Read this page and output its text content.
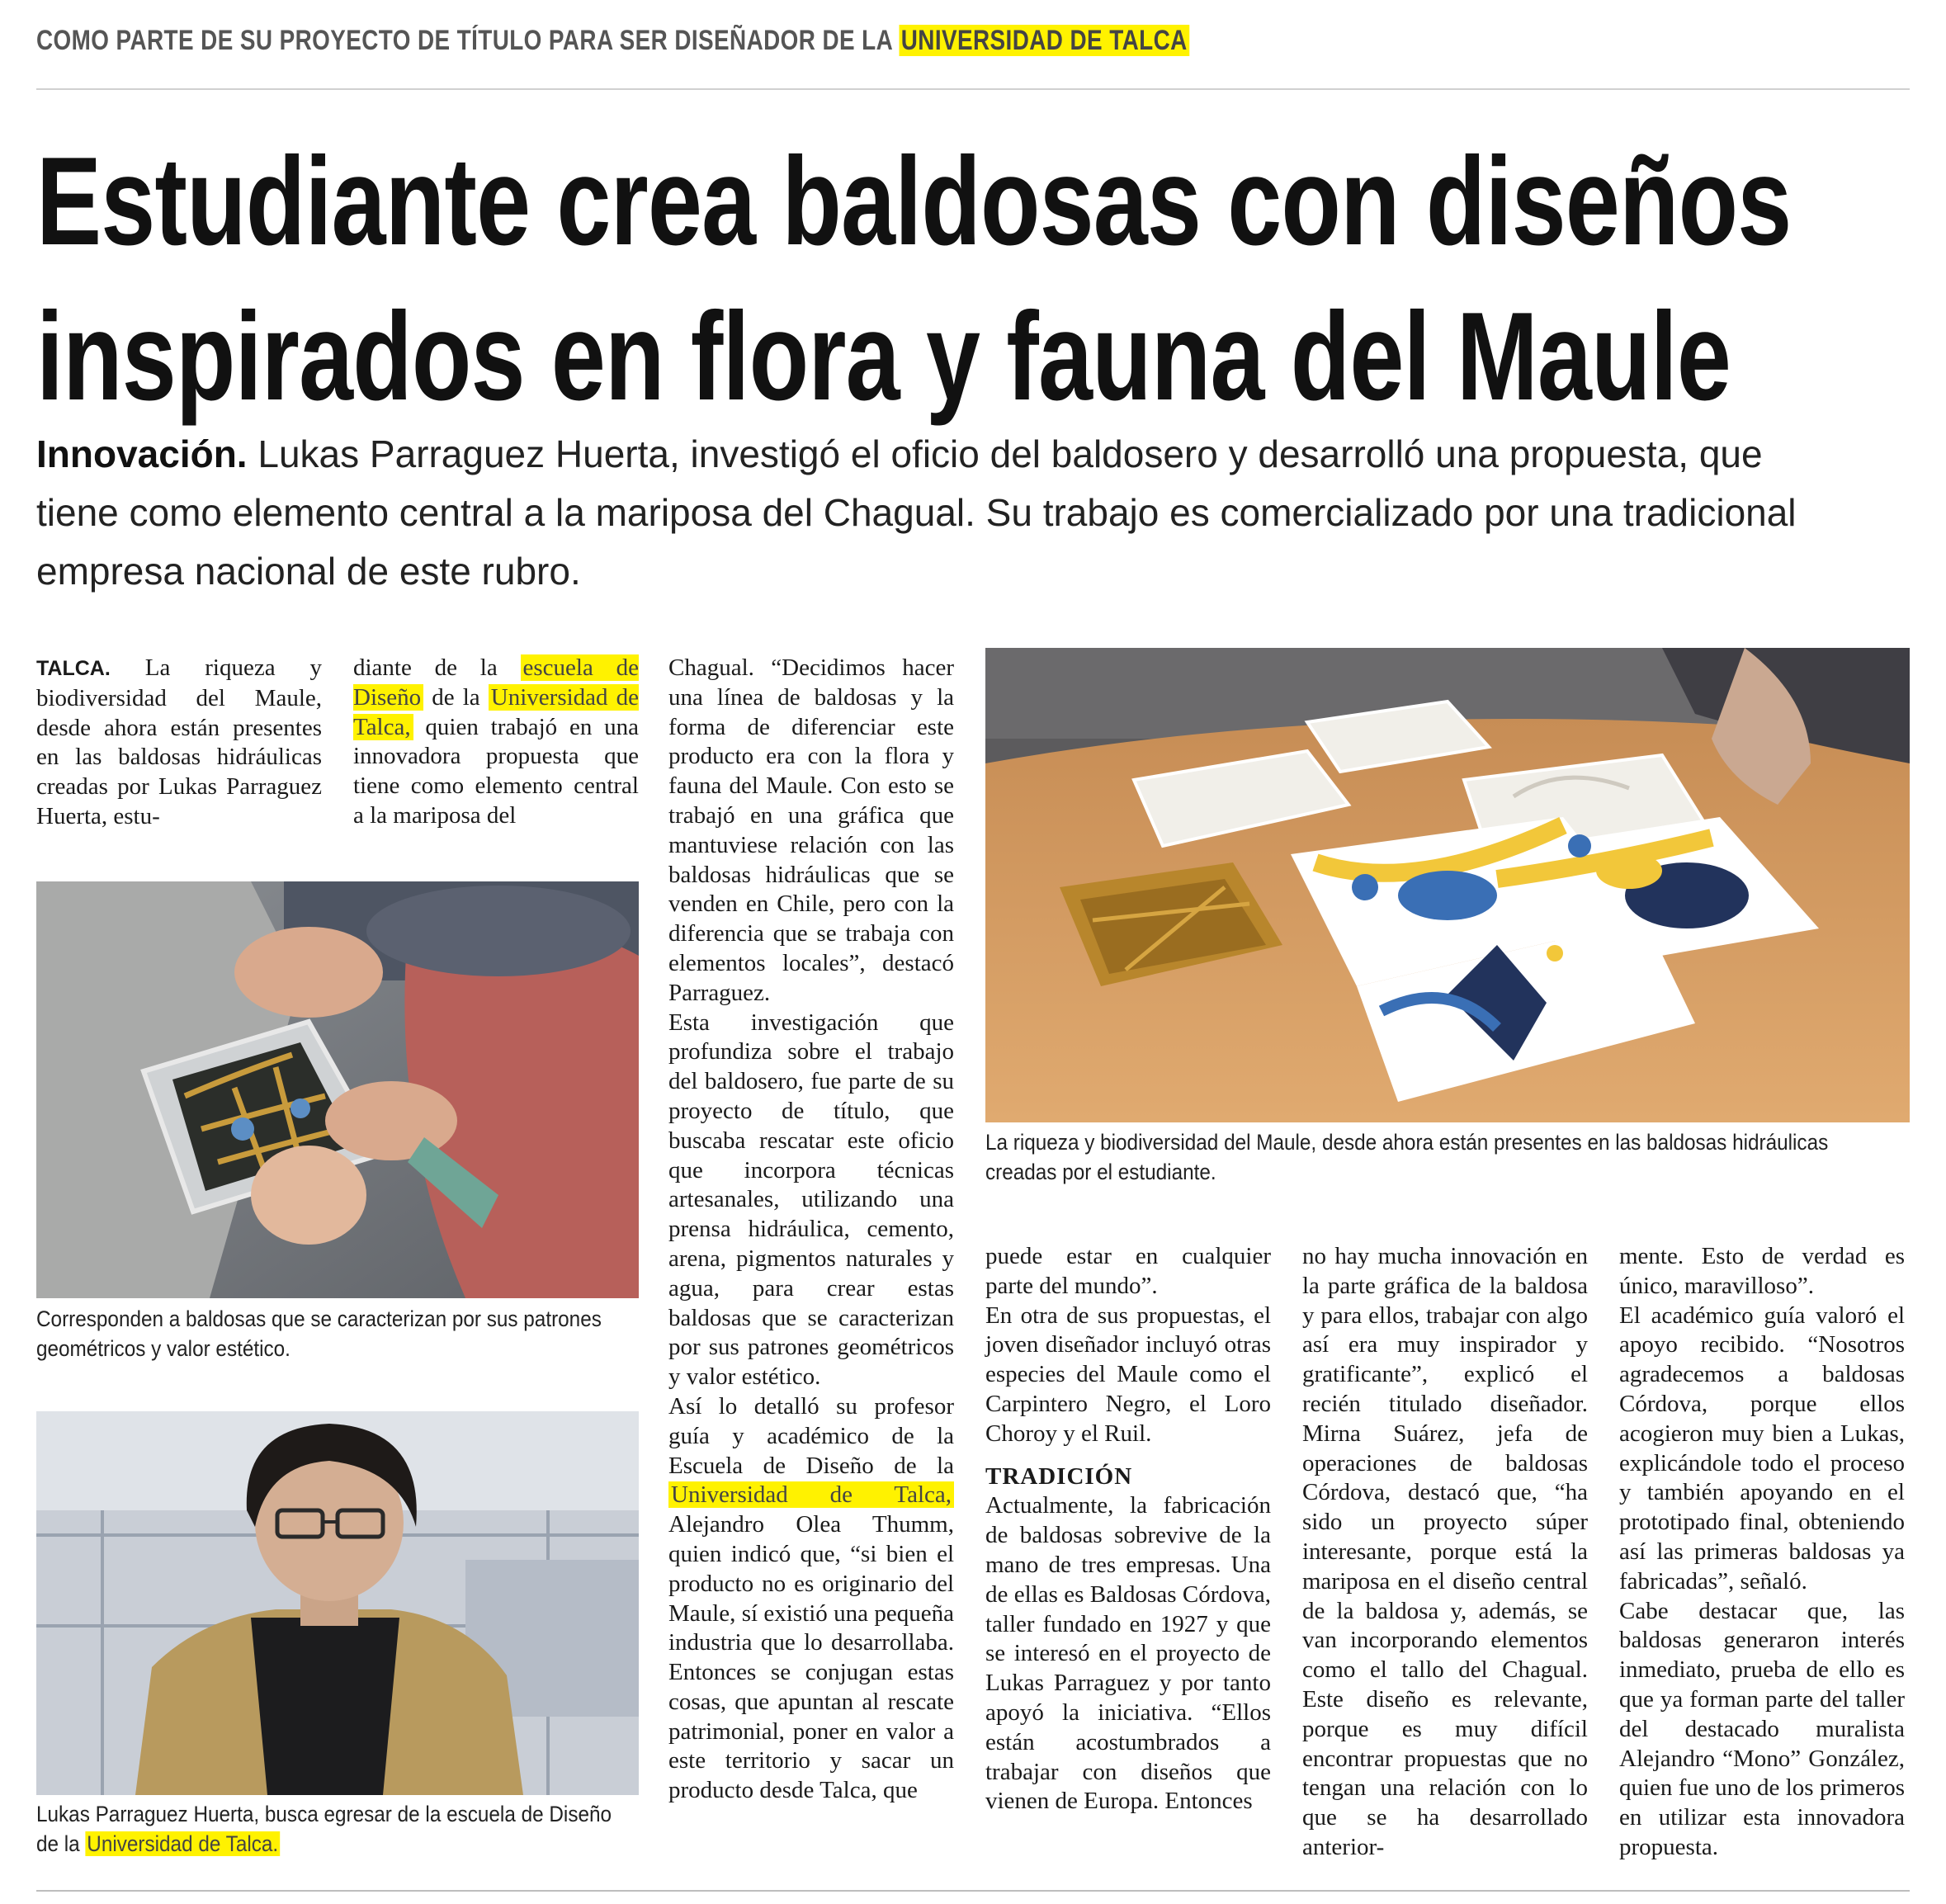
COMO PARTE DE SU PROYECTO DE TÍTULO PARA SER DISEÑADOR DE LA UNIVERSIDAD DE TALCA
Estudiante crea baldosas con diseños
inspirados en flora y fauna del Maule
Innovación. Lukas Parraguez Huerta, investigó el oficio del baldosero y desarrolló una propuesta, que tiene como elemento central a la mariposa del Chagual. Su trabajo es comercializado por una tradicional empresa nacional de este rubro.

TALCA. La riqueza y biodiversidad del Maule, desde ahora están presentes en las baldosas hidráulicas creadas por Lukas Parraguez Huerta, estu-

diante de la escuela de Diseño de la Universidad de Talca, quien trabajó en una innovadora propuesta que tiene como elemento central a la mariposa del

Corresponden a baldosas que se caracterizan por sus patrones geométricos y valor estético.
Lukas Parraguez Huerta, busca egresar de la escuela de Diseño de la Universidad de Talca.

Chagual. “Decidimos hacer una línea de baldosas y la forma de diferenciar este producto era con la flora y fauna del Maule. Con esto se trabajó en una gráfica que mantuviese relación con las baldosas hidráulicas que se venden en Chile, pero con la diferencia que se trabaja con elementos locales”, destacó Parraguez.

Esta investigación que profundiza sobre el trabajo del baldosero, fue parte de su proyecto de título, que buscaba rescatar este oficio que incorpora técnicas artesanales, utilizando una prensa hidráulica, cemento, arena, pigmentos naturales y agua, para crear estas baldosas que se caracterizan por sus patrones geométricos y valor estético.

Así lo detalló su profesor guía y académico de la Escuela de Diseño de la Universidad de Talca, Alejandro Olea Thumm, quien indicó que, “si bien el producto no es originario del Maule, sí existió una pequeña industria que lo desarrollaba. Entonces se conjugan estas cosas, que apuntan al rescate patrimonial, poner en valor a este territorio y sacar un producto desde Talca, que

La riqueza y biodiversidad del Maule, desde ahora están presentes en las baldosas hidráulicas creadas por el estudiante.

puede estar en cualquier parte del mundo”.

En otra de sus propuestas, el joven diseñador incluyó otras especies del Maule como el Carpintero Negro, el Loro Choroy y el Ruil.

TRADICIÓN

Actualmente, la fabricación de baldosas sobrevive de la mano de tres empresas. Una de ellas es Baldosas Córdova, taller fundado en 1927 y que se interesó en el proyecto de Lukas Parraguez y por tanto apoyó la iniciativa. “Ellos están acostumbrados a trabajar con diseños que vienen de Europa. Entonces

no hay mucha innovación en la parte gráfica de la baldosa y para ellos, trabajar con algo así era muy inspirador y gratificante”, explicó el recién titulado diseñador. Mirna Suárez, jefa de operaciones de baldosas Córdova, destacó que, “ha sido un proyecto súper interesante, porque está la mariposa en el diseño central de la baldosa y, además, se van incorporando elementos como el tallo del Chagual. Este diseño es relevante, porque es muy difícil encontrar propuestas que no tengan una relación con lo que se ha desarrollado anterior-

mente. Esto de verdad es único, maravilloso”.

El académico guía valoró el apoyo recibido. “Nosotros agradecemos a baldosas Córdova, porque ellos acogieron muy bien a Lukas, explicándole todo el proceso y también apoyando en el prototipado final, obteniendo así las primeras baldosas ya fabricadas”, señaló.

Cabe destacar que, las baldosas generaron interés inmediato, prueba de ello es que ya forman parte del taller del destacado muralista Alejandro “Mono” González, quien fue uno de los primeros en utilizar esta innovadora propuesta.
